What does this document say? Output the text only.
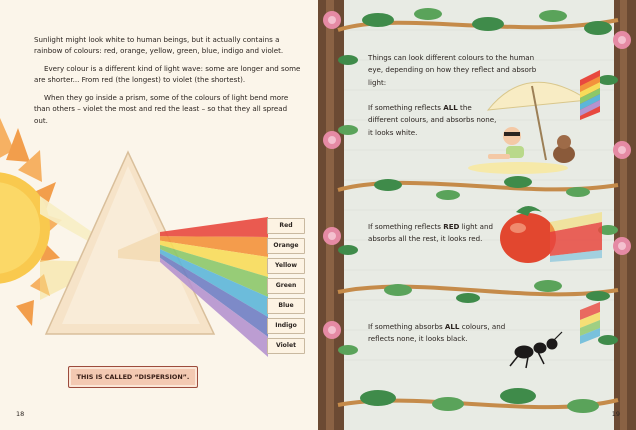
Sunlight might look white to human beings, but it actually contains a rainbow of colours: red, orange, yellow, green, blue, indigo and violet.

Every colour is a different kind of light wave: some are longer and some are shorter... From red (the longest) to violet (the shortest).

When they go inside a prism, some of the colours of light bend more than others – violet the most and red the least – so that they all spread out.

Red
Orange
Yellow
Green
Blue
Indigo
Violet
THIS IS CALLED “DISPERSION”.
18

Things can look different colours to the human eye, depending on how they reflect and absorb light:

If something reflects ALL the different colours, and absorbs none, it looks white.

If something reflects RED light and absorbs all the rest, it looks red.

If something absorbs ALL colours, and reflects none, it looks black.

19
